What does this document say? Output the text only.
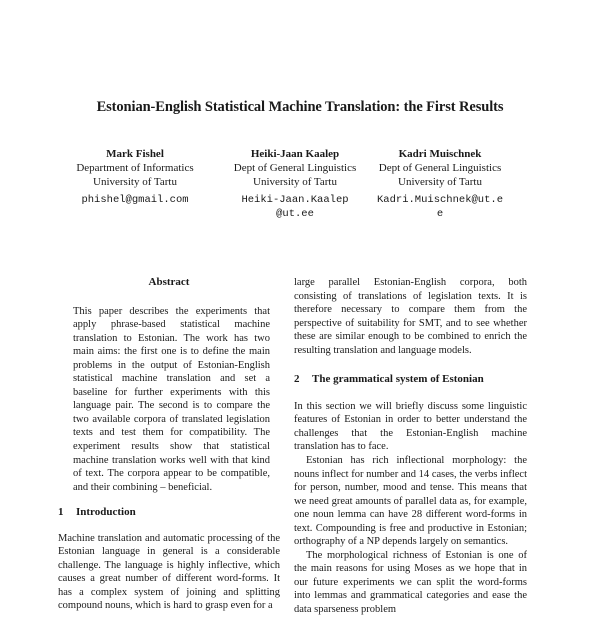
Estonian-English Statistical Machine Translation: the First Results
Mark Fishel
Department of Informatics
University of Tartu
phishel@gmail.com
Heiki-Jaan Kaalep
Dept of General Linguistics
University of Tartu
Heiki-Jaan.Kaalep@ut.ee
Kadri Muischnek
Dept of General Linguistics
University of Tartu
Kadri.Muischnek@ut.ee
Abstract

This paper describes the experiments that apply phrase-based statistical machine translation to Estonian. The work has two main aims: the first one is to define the main problems in the output of Estonian-English statistical machine translation and set a baseline for further experiments with this language pair. The second is to compare the two available corpora of translated legislation texts and test them for compatibility. The experiment results show that statistical machine translation works well with that kind of text. The corpora appear to be compatible, and their combining – beneficial.

1 Introduction

Machine translation and automatic processing of the Estonian language in general is a considerable challenge. The language is highly inflective, which causes a great number of different word-forms. It has a complex system of joining and splitting compound nouns, which is hard to grasp even for a

large parallel Estonian-English corpora, both consisting of translations of legislation texts. It is therefore necessary to compare them from the perspective of suitability for SMT, and to see whether these are similar enough to be combined to enrich the resulting translation and language models.

2 The grammatical system of Estonian

In this section we will briefly discuss some linguistic features of Estonian in order to better understand the challenges that the Estonian-English machine translation has to face.

Estonian has rich inflectional morphology: the nouns inflect for number and 14 cases, the verbs inflect for person, number, mood and tense. This means that we need great amounts of parallel data as, for example, one noun lemma can have 28 different word-forms in text. Compounding is free and productive in Estonian; orthography of a NP depends largely on semantics.

The morphological richness of Estonian is one of the main reasons for using Moses as we hope that in our future experiments we can split the word-forms into lemmas and grammatical categories and ease the data sparseness problem
